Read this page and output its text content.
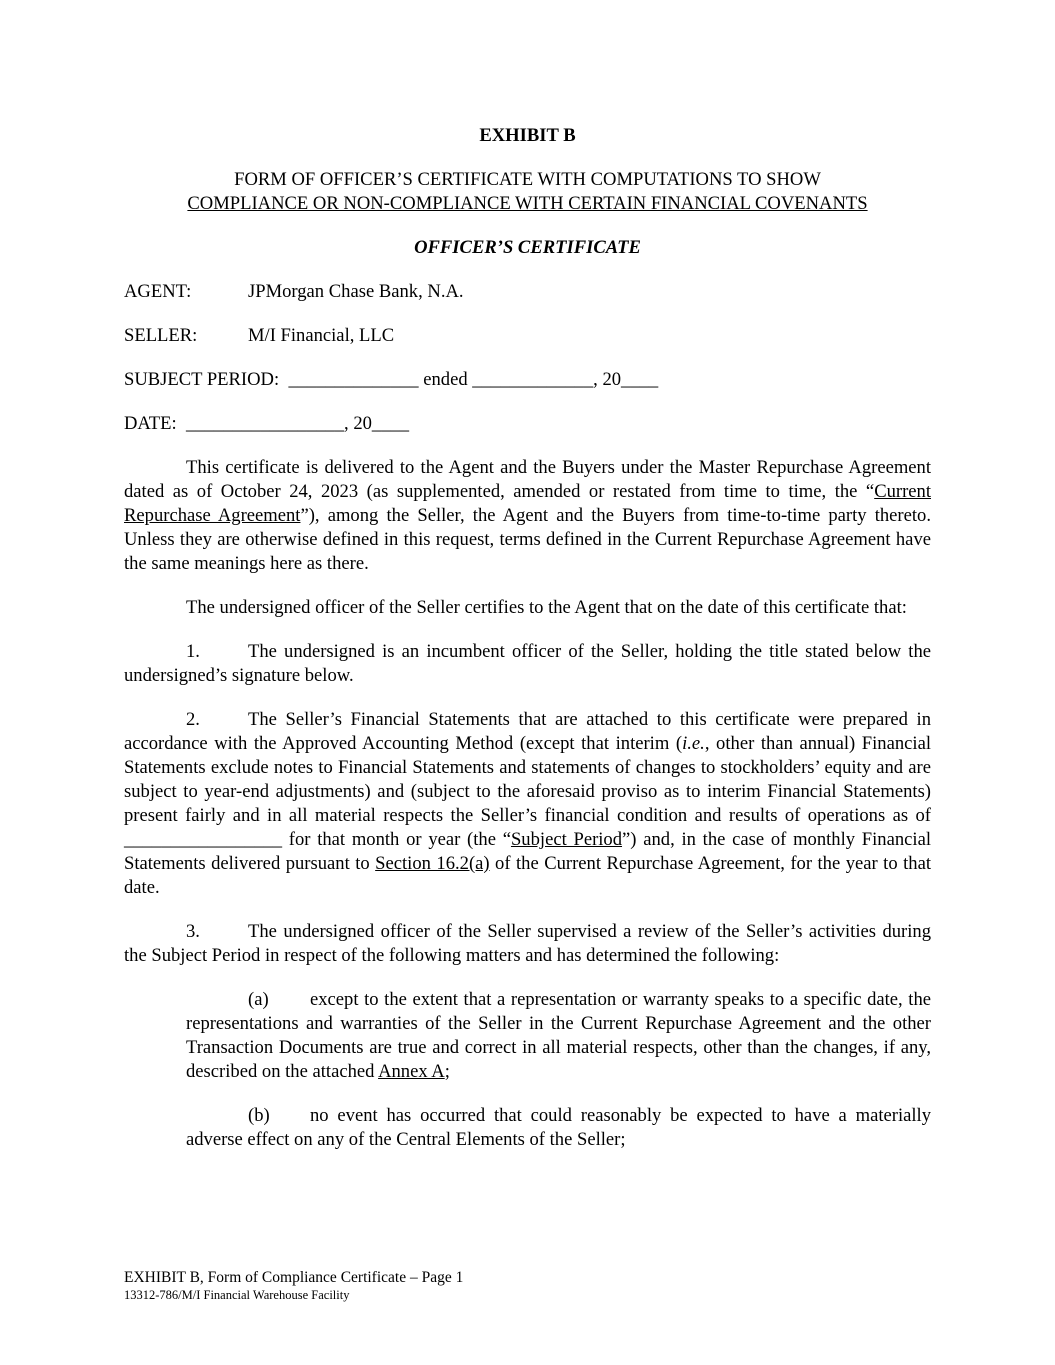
EXHIBIT B
FORM OF OFFICER’S CERTIFICATE WITH COMPUTATIONS TO SHOW
COMPLIANCE OR NON-COMPLIANCE WITH CERTAIN FINANCIAL COVENANTS
OFFICER’S CERTIFICATE
AGENT:	JPMorgan Chase Bank, N.A.
SELLER:	M/I Financial, LLC
SUBJECT PERIOD:  ______________ ended _____________, 20____
DATE:  _________________, 20____

This certificate is delivered to the Agent and the Buyers under the Master Repurchase Agreement dated as of October 24, 2023 (as supplemented, amended or restated from time to time, the “Current Repurchase Agreement”), among the Seller, the Agent and the Buyers from time-to-time party thereto. Unless they are otherwise defined in this request, terms defined in the Current Repurchase Agreement have the same meanings here as there.

The undersigned officer of the Seller certifies to the Agent that on the date of this certificate that:

1.	The undersigned is an incumbent officer of the Seller, holding the title stated below the undersigned’s signature below.

2.	The Seller’s Financial Statements that are attached to this certificate were prepared in accordance with the Approved Accounting Method (except that interim (i.e., other than annual) Financial Statements exclude notes to Financial Statements and statements of changes to stockholders’ equity and are subject to year-end adjustments) and (subject to the aforesaid proviso as to interim Financial Statements) present fairly and in all material respects the Seller’s financial condition and results of operations as of _________________ for that month or year (the “Subject Period”) and, in the case of monthly Financial Statements delivered pursuant to Section 16.2(a) of the Current Repurchase Agreement, for the year to that date.

3.	The undersigned officer of the Seller supervised a review of the Seller’s activities during the Subject Period in respect of the following matters and has determined the following:

(a) except to the extent that a representation or warranty speaks to a specific date, the representations and warranties of the Seller in the Current Repurchase Agreement and the other Transaction Documents are true and correct in all material respects, other than the changes, if any, described on the attached Annex A;

(b) no event has occurred that could reasonably be expected to have a materially adverse effect on any of the Central Elements of the Seller;

EXHIBIT B, Form of Compliance Certificate – Page 1
13312-786/M/I Financial Warehouse Facility
